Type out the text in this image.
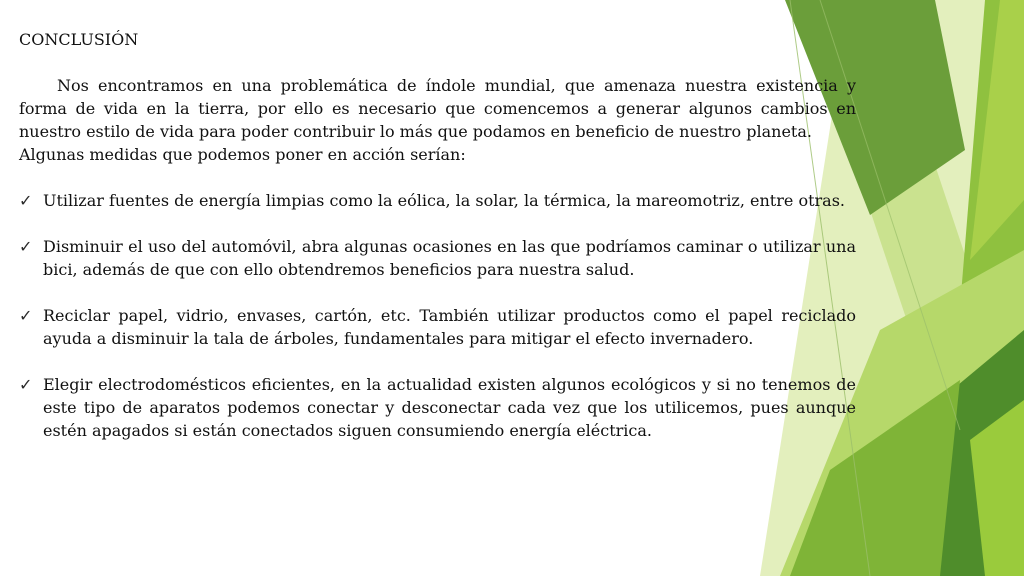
CONCLUSIÓN

Nos encontramos en una problemática de índole mundial, que amenaza nuestra existencia y forma de vida en la tierra, por ello es necesario que comencemos a generar algunos cambios en nuestro estilo de vida para poder contribuir lo más que podamos en beneficio de nuestro planeta.

Algunas medidas que podemos poner en acción serían:

✓ Utilizar fuentes de energía limpias como la eólica, la solar, la térmica, la mareomotriz, entre otras.
✓ Disminuir el uso del automóvil, abra algunas ocasiones en las que podríamos caminar o utilizar una bici, además de que con ello obtendremos beneficios para nuestra salud.
✓ Reciclar papel, vidrio, envases, cartón, etc. También utilizar productos como el papel reciclado ayuda a disminuir la tala de árboles, fundamentales para mitigar el efecto invernadero.
✓ Elegir electrodomésticos eficientes, en la actualidad existen algunos ecológicos y si no tenemos de este tipo de aparatos podemos conectar y desconectar cada vez que los utilicemos, pues aunque estén apagados si están conectados siguen consumiendo energía eléctrica.
